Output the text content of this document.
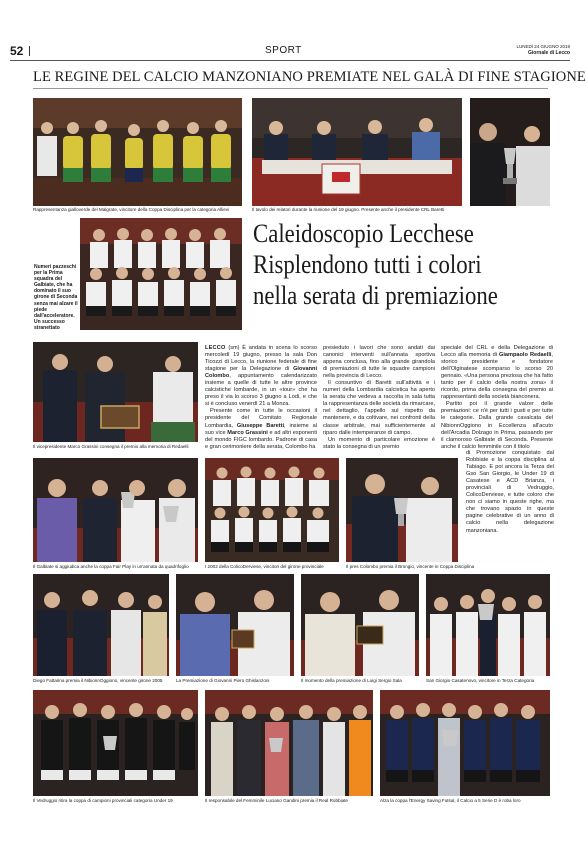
52	SPORT	LUNEDÌ 24 GIUGNO 2019
Giornale di Lecco
LE REGINE DEL CALCIO MANZONIANO PREMIATE NEL GALÀ DI FINE STAGIONE
Rappresentanza gialloverde del Malgrate, vincitore della Coppa Disciplina per la categoria Allievi	Il tavolo dei relatori durante la riunione del 19 giugno. Presente anche il presidente CRL Baretti
Caleidoscopio Lecchese
Risplendono tutti i colori
nella serata di premiazione
Numeri pazzeschi per la Prima squadra del Galbiate, che ha dominato il suo girone di Seconda senza mai alzare il piede dall'acceleratore. Un successo stranettato
Il vicepresidente Marco Grassini consegna il premio alla memoria di Redaelli

LECCO (sm) È andata in scena lo scorso mercoledì 19 giugno, presso la sala Don Ticozzi di Lecco, la riunione federale di fine stagione per la Delegazione di Giovanni Colombo, appuntamento calendarizzato insieme a quelle di tutte le altre province calcistiche lombarde, in un «tour» che ha preso il via lo scorso 3 giugno a Lodi, e che si è concluso venerdì 21 a Monza.

Presente come in tutte le occasioni il presidente del Comitato Regionale Lombardia, Giuseppe Baretti, insieme al suo vice Marco Grassini e ad altri esponenti del mondo FIGC lombardo. Padrone di casa e gran cerimoniere della serata, Colombo ha

presieduto i lavori che sono andati dai canonici interventi sull'annata sportiva appena conclusa, fino alla grande girandola di premiazioni di tutte le squadre campioni nella provincia di Lecco.

Il consuntivo di Baretti sull'attività e i numeri della Lombardia calcistica ha aperto la serata che vedeva a raccolta in sala tutta la rappresentanza delle società da rimarcare, nel dettaglio, l'appello sul rispetto da mantenere, e da coltivare, nei confronti della classe arbitrale, mai sufficientemente al riparo dalle intemperanze di campo.

Un momento di particolare emozione è stato la consegna di un premio

speciale del CRL e della Delegazione di Lecco alla memoria di Giampaolo Redaelli, storico presidente e fondatore dell'Olginatese scomparso lo scorso 20 gennaio. «Una persona preziosa che ha fatto tanto per il calcio della nostra zona» il ricordo, prima della consegna del premio ai rappresentanti della società bianconera.

Partito poi il grande valzer delle premiazioni: ce n'è per tutti i gusti e per tutte le categorie. Dalla grande cavalcata del NibionnOggiono in Eccellenza all'acuto dell'Arcadia Dolzago in Prima, passando per il clamoroso Galbiate di Seconda. Presente anche il calcio femminile con il titolo

Il Galbiate si aggiudica anche la coppa Fair Play in un'annata da quadrifoglio	I 2002 della ColicoDerviese, vincitori del girone provinciale	Il pres Colombo premia il Brongio, vincente in Coppa Disciplina
di Promozione conquistato dal Robbiate e la coppa disciplina al Tabiago. E poi ancora la Terza del Gso San Giorgio, le Under 19 di Casatese e ACD Brianza, i provinciali di Vedruggio, ColicoDerviese, e tutte coloro che non ci siamo in queste righe, ma che trovano spazio in queste pagine celebrative di un anno di calcio nella delegazione manzoniana.
Diego Fattarina premia il NibionnOggiono, vincente girone 2005	La Premiazione di Giovanni Piero Ghislanzoni	Il momento della premiazione di Luigi Sergio Sala	San Giorgio Casatenovo, vincitore in Terza Categoria
Il Vedruggio ritira la coppa di campioni provinciali categoria Under 19	Il responsabile del Femminile Luciano Gandini premia il Real Robbiate	Alza la coppa l'Energy Saving Futsal, il Calcio a 5 Serie D è roba loro
